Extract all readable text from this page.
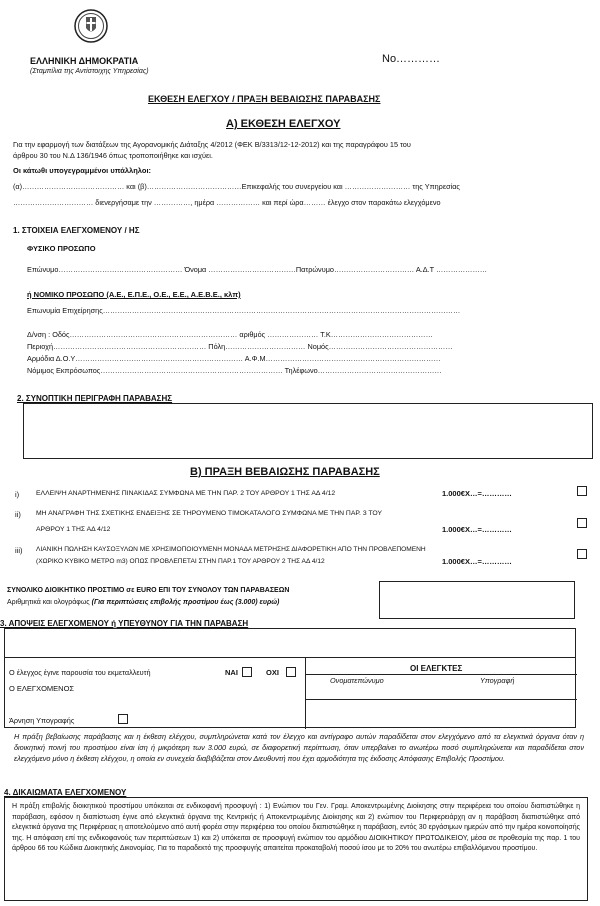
ΕΛΛΗΝΙΚΗ ΔΗΜΟΚΡΑΤΙΑ
(Σταμπίλια της Αντίστοιχης Υπηρεσίας)
Νο…………
ΕΚΘΕΣΗ ΕΛΕΓΧΟΥ / ΠΡΑΞΗ ΒΕΒΑΙΩΣΗΣ ΠΑΡΑΒΑΣΗΣ
Α) ΕΚΘΕΣΗ ΕΛΕΓΧΟΥ
Για την εφαρμογή των διατάξεων της Αγορανομικής Διάταξης 4/2012 (ΦΕΚ Β/3313/12-12-2012) και της παραγράφου 15 του
άρθρου 30 του Ν.Δ 136/1946 όπως τροποποιήθηκε και ισχύει.
Οι κάτωθι υπογεγραμμένοι υπάλληλοι:
(α)…………………………………… και (β)…………………………………Επικεφαλής του συνεργείου και ……………………… της Υπηρεσίας
…………………………… διενεργήσαμε την ……………, ημέρα ……………… και περί ώρα……… έλεγχο στον παρακάτω ελεγχόμενο
1. ΣΤΟΙΧΕΙΑ ΕΛΕΓΧΟΜΕΝΟΥ / ΗΣ
ΦΥΣΙΚΟ ΠΡΟΣΩΠΟ
Επώνυμο…………………………………………… Όνομα ………………………………Πατρώνυμο…………………………… Α.Δ.Τ …………………
ή ΝΟΜΙΚΟ ΠΡΟΣΩΠΟ (Α.Ε., Ε.Π.Ε., Ο.Ε., Ε.Ε., Α.Ε.Β.Ε., κλπ)
Επωνυμία Επιχείρησης…………………………………………………………………………………………………………………………………
Δ/νση : Οδός…………………………………………………………… αριθμός ………………… Τ.Κ……………………………………
Περιοχή……………………………………………………… Πόλη…………………………… Νομός……………………………………………
Αρμόδια Δ.Ο.Υ…………………………………………………………… Α.Φ.Μ………………………………………………………………
Νόμιμος Εκπρόσωπος………………………………………………………………… Τηλέφωνο……………………………………………
2. ΣΥΝΟΠΤΙΚΗ ΠΕΡΙΓΡΑΦΗ ΠΑΡΑΒΑΣΗΣ
Β) ΠΡΑΞΗ ΒΕΒΑΙΩΣΗΣ ΠΑΡΑΒΑΣΗΣ
i) ΕΛΛΕΙΨΗ ΑΝΑΡΤΗΜΕΝΗΣ ΠΙΝΑΚΙΔΑΣ ΣΥΜΦΩΝΑ ΜΕ ΤΗΝ ΠΑΡ. 2 ΤΟΥ ΑΡΘΡΟΥ 1 ΤΗΣ ΑΔ 4/12	1.000€Χ…=…………
ii) ΜΗ ΑΝΑΓΡΑΦΗ ΤΗΣ ΣΧΕΤΙΚΗΣ ΕΝΔΕΙΞΗΣ ΣΕ ΤΗΡΟΥΜΕΝΟ ΤΙΜΟΚΑΤΑΛΟΓΟ ΣΥΜΦΩΝΑ ΜΕ ΤΗΝ ΠΑΡ. 3 ΤΟΥ
ΑΡΘΡΟΥ 1 ΤΗΣ ΑΔ 4/12	1.000€Χ…=…………
iii) ΛΙΑΝΙΚΗ ΠΩΛΗΣΗ ΚΑΥΣΟΞΥΛΩΝ ΜΕ ΧΡΗΣΙΜΟΠΟΙΟΥΜΕΝΗ ΜΟΝΑΔΑ ΜΕΤΡΗΣΗΣ ΔΙΑΦΟΡΕΤΙΚΗ ΑΠΟ ΤΗΝ ΠΡΟΒΛΕΠΟΜΕΝΗ
(ΧΩΡΙΚΟ ΚΥΒΙΚΟ ΜΕΤΡΟ m3) ΟΠΩΣ ΠΡΟΒΛΕΠΕΤΑΙ ΣΤΗΝ ΠΑΡ.1 ΤΟΥ ΑΡΘΡΟΥ 2 ΤΗΣ ΑΔ 4/12	1.000€Χ…=…………
ΣΥΝΟΛΙΚΟ ΔΙΟΙΚΗΤΙΚΟ ΠΡΟΣΤΙΜΟ σε EURO ΕΠΙ ΤΟΥ ΣΥΝΟΛΟΥ ΤΩΝ ΠΑΡΑΒΑΣΕΩΝ
Αριθμητικά και ολογράφως (Για περιπτώσεις επιβολής προστίμου έως (3.000) ευρώ)
3. ΑΠΟΨΕΙΣ ΕΛΕΓΧΟΜΕΝΟΥ ή ΥΠΕΥΘΥΝΟΥ ΓΙΑ ΤΗΝ ΠΑΡΑΒΑΣΗ
Ο έλεγχος έγινε παρουσία του εκμεταλλευτή	ΝΑΙ	ΟΧΙ
Ο ΕΛΕΓΧΟΜΕΝΟΣ
Άρνηση Υπογραφής
ΟΙ ΕΛΕΓΚΤΕΣ
Ονοματεπώνυμο	Υπογραφή
Η πράξη βεβαίωσης παράβασης και η έκθεση ελέγχου, συμπληρώνεται κατά τον έλεγχο και αντίγραφο αυτών παραδίδεται στον ελεγχόμενο από τα ελεγκτικά όργανα όταν η διοικητική ποινή του προστίμου είναι ίση ή μικρότερη των 3.000 ευρώ, σε διαφορετική περίπτωση, όταν υπερβαίνει το ανωτέρω ποσό συμπληρώνεται και παραδίδεται στον ελεγχόμενο μόνο η έκθεση ελέγχου, η οποία εν συνεχεία διαβιβάζεται στον Διευθυντή που έχει αρμοδιότητα της έκδοσης Απόφασης Επιβολής Προστίμου.
4. ΔΙΚΑΙΩΜΑΤΑ ΕΛΕΓΧΟΜΕΝΟΥ
Η πράξη επιβολής διοικητικού προστίμου υπόκειται σε ενδικοφανή προσφυγή : 1) Ενώπιον του Γεν. Γραμ. Αποκεντρωμένης Διοίκησης στην περιφέρεια του οποίου διαπιστώθηκε η παράβαση, εφόσον η διαπίστωση έγινε από ελεγκτικά όργανα της Κεντρικής ή Αποκεντρωμένης Διοίκησης και 2) ενώπιον του Περιφερειάρχη αν η παράβαση διαπιστώθηκε από ελεγκτικά όργανα της Περιφέρειας η αποτελούμενο από αυτή φορέα στην περιφέρεια του οποίου διαπιστώθηκε η παράβαση, εντός 30 εργάσιμων ημερών από την ημέρα κοινοποίησής της. Η απόφαση επί της ενδικοφανούς των περιπτώσεων 1) και 2) υπόκειται σε προσφυγή ενώπιον του αρμόδιου ΔΙΟΙΚΗΤΙΚΟΥ ΠΡΩΤΟΔΙΚΕΙΟΥ, μέσα σε προθεσμία της παρ. 1 του άρθρου 66 του Κώδικα Διοικητικής Δικονομίας. Για το παραδεκτό της προσφυγής απαιτείται προκαταβολή ποσού ίσου με το 20% του ανωτέρω επιβαλλόμενου προστίμου.
